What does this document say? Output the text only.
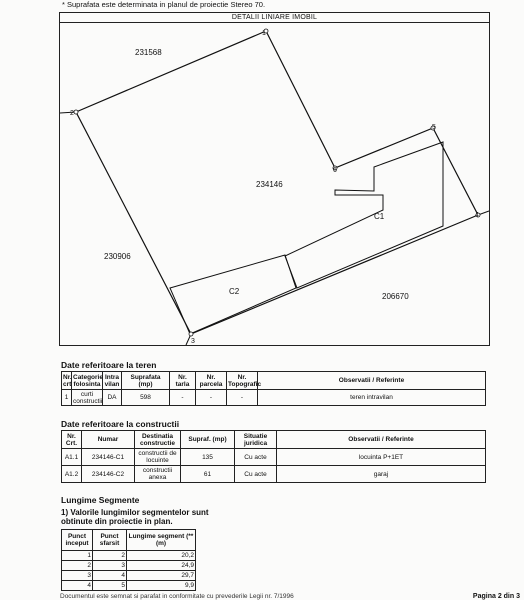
* Suprafata este determinata in planul de proiectie Stereo 70.
DETALII LINIARE IMOBIL
1
2
3
4
5
6
231568
234146
C1
C2
230906
206670
Date referitoare la teren
Nr. crt	Categorie folosinta	Intra vilan	Suprafata (mp)	Nr. tarla	Nr. parcela	Nr. Topografic	Observatii / Referinte
1	curti constructii	DA	598	-	-	-	teren intravilan
Date referitoare la constructii
Nr. Crt.	Numar	Destinatia constructie	Supraf. (mp)	Situatie juridica	Observatii / Referinte
A1.1	234146-C1	constructii de locuinte	135	Cu acte	locuinta P+1ET
A1.2	234146-C2	constructii anexa	61	Cu acte	garaj
Lungime Segmente
1) Valorile lungimilor segmentelor sunt obtinute din proiectie in plan.
Punct inceput	Punct sfarsit	Lungime segment (** (m)
1	2	20,2
2	3	24,9
3	4	29,7
4	5	9,9
Documentul este semnat si parafat in conformitate cu prevederile Legii nr. 7/1996	Pagina 2 din 3
